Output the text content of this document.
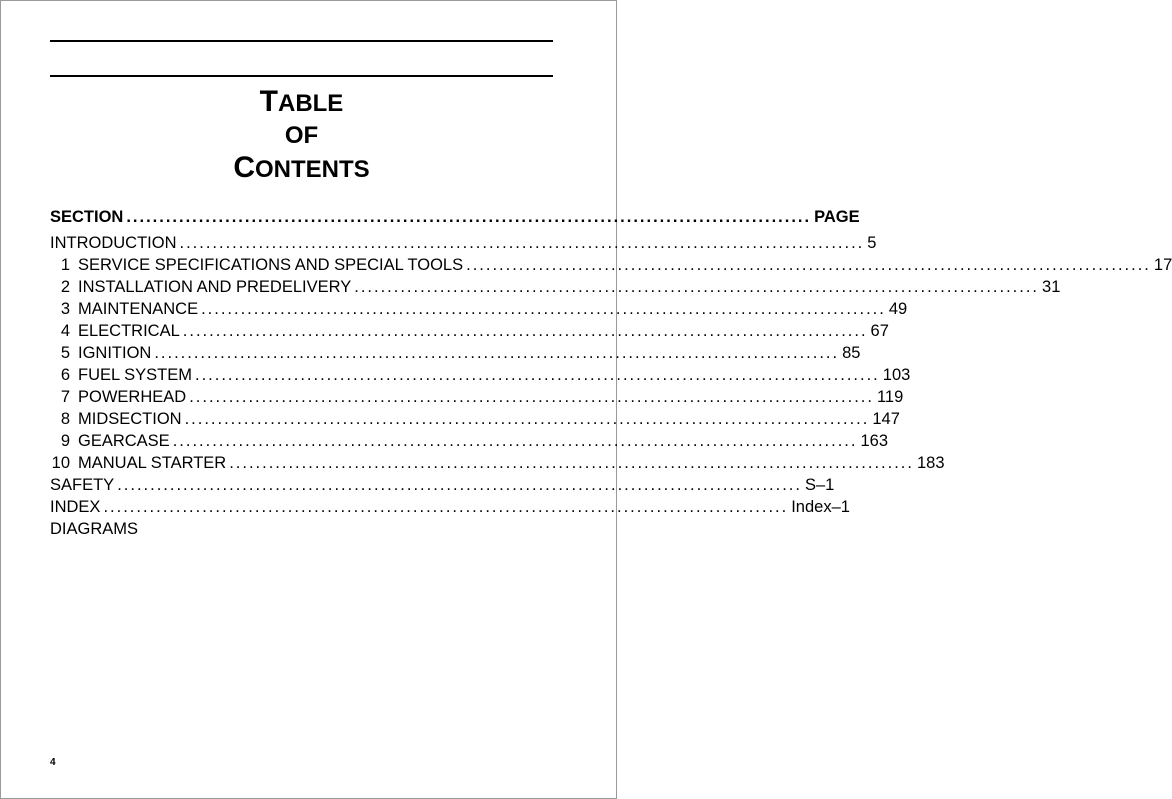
TABLE
OF
CONTENTS
SECTION ........................................................................................................ PAGE
INTRODUCTION ........................................................................................................ 5
1 SERVICE SPECIFICATIONS AND SPECIAL TOOLS ........................................................................................................ 17
2 INSTALLATION AND PREDELIVERY ........................................................................................................ 31
3 MAINTENANCE ........................................................................................................ 49
4 ELECTRICAL ........................................................................................................ 67
5 IGNITION ........................................................................................................ 85
6 FUEL SYSTEM ........................................................................................................ 103
7 POWERHEAD ........................................................................................................ 119
8 MIDSECTION ........................................................................................................ 147
9 GEARCASE ........................................................................................................ 163
10 MANUAL STARTER ........................................................................................................ 183
SAFETY ........................................................................................................ S–1
INDEX ........................................................................................................ Index–1
DIAGRAMS
4
